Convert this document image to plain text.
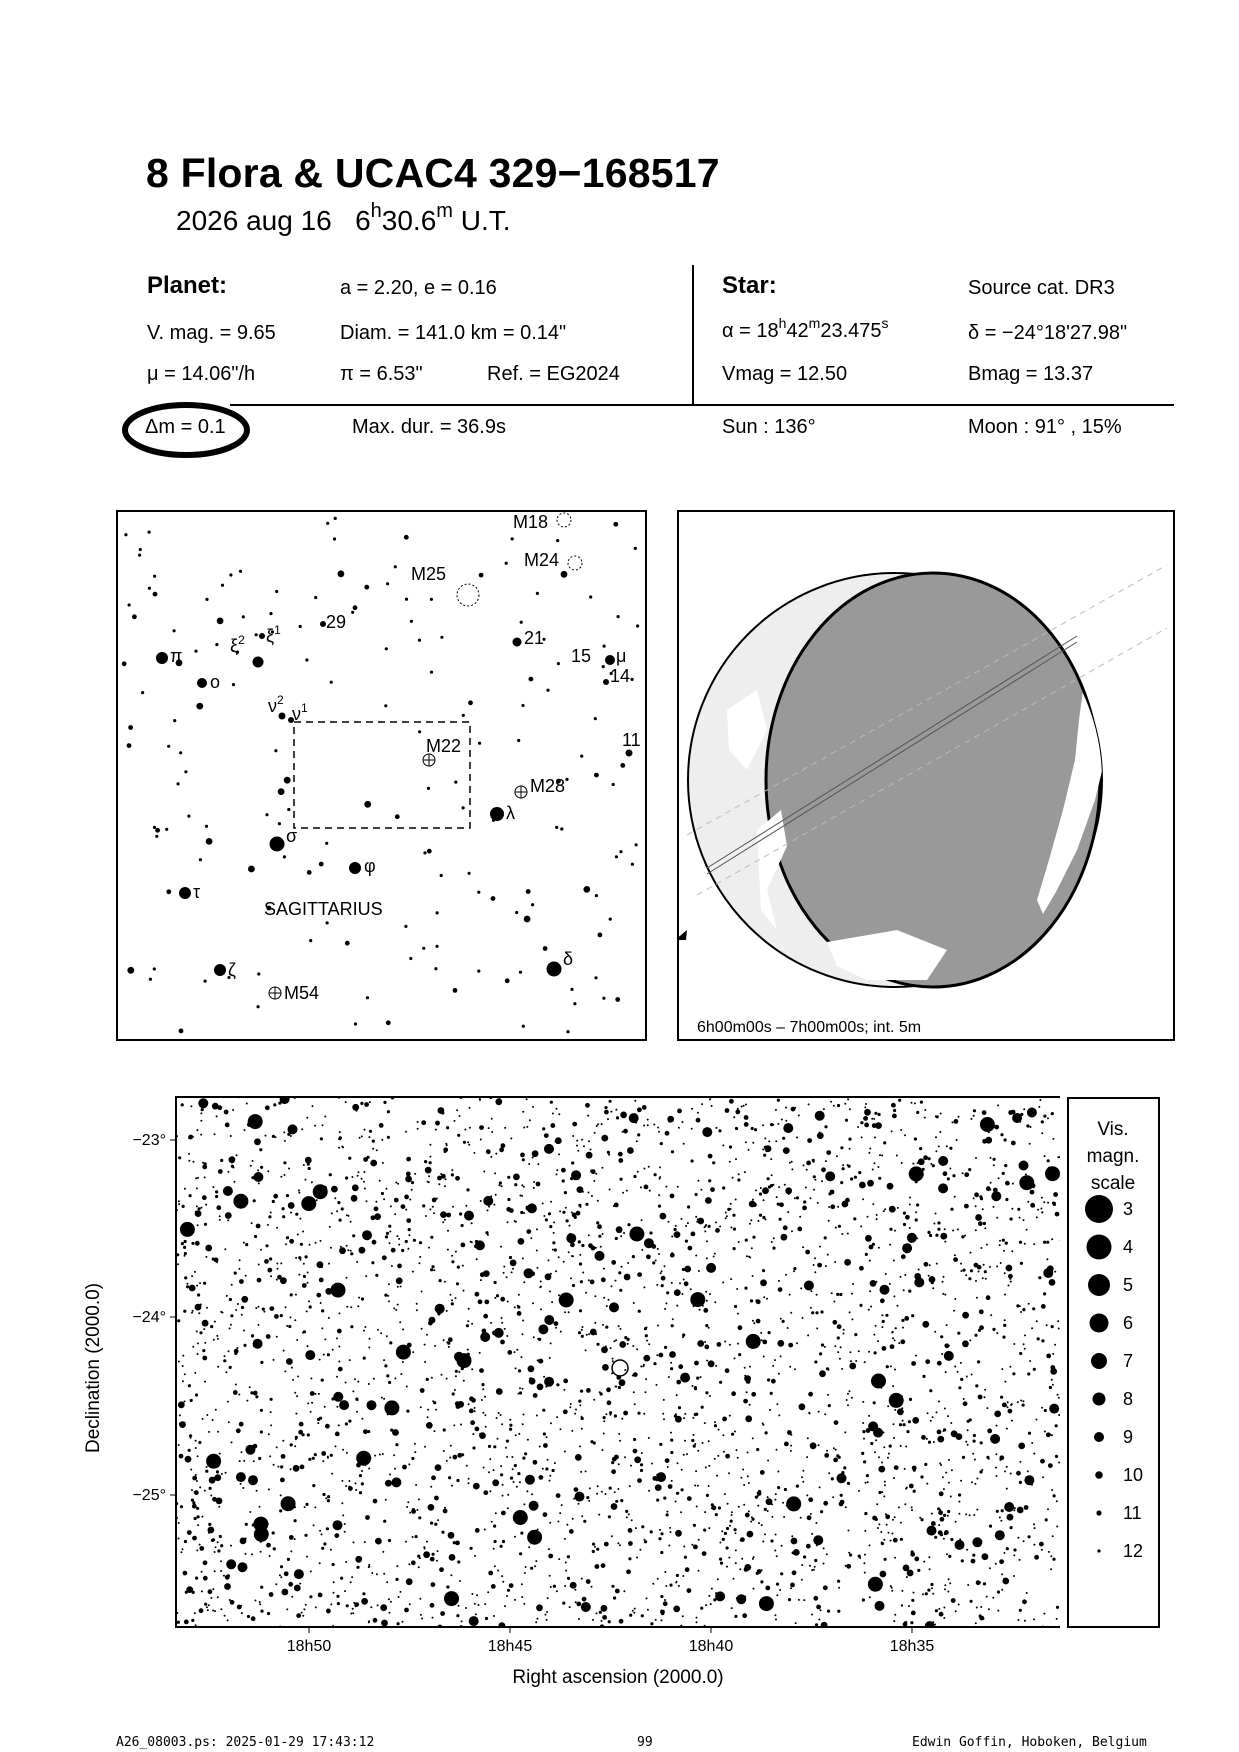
8 Flora & UCAC4 329−168517
2026 aug 16 6$^h$30.6$^m$ U.T.
Planet:	a = 2.20, e = 0.16
V. mag. = 9.65	Diam. = 141.0 km = 0.14"
μ = 14.06"/h	π = 6.53"	Ref. = EG2024
Star:	Source cat. DR3
$\alpha = 18^h42^m23.475^s$	δ = −24°18'27.98"
Vmag = 12.50	Bmag = 13.37
Δm = 0.1	Max. dur. = 36.9s	Sun : 136°	Moon : 91° , 15%
M18
M24
M25
29
21
15 μ
14
11
π
ο
$\xi^2$ $\xi^1$
$\nu^2$
$\nu^1$
M22
M28
λ
σ
φ
τ
SAGITTARIUS
ζ
M54
δ
6h00m00s – 7h00m00s; int. 5m
−23°
−24°
−25°
18h50	18h45	18h40	18h35
Right ascension (2000.0)
Declination (2000.0)
Vis.
magn.
scale
3
4
5
6
7
8
9
10
11
12
A26_08003.ps: 2025-01-29 17:43:12	99	Edwin Goffin, Hoboken, Belgium
